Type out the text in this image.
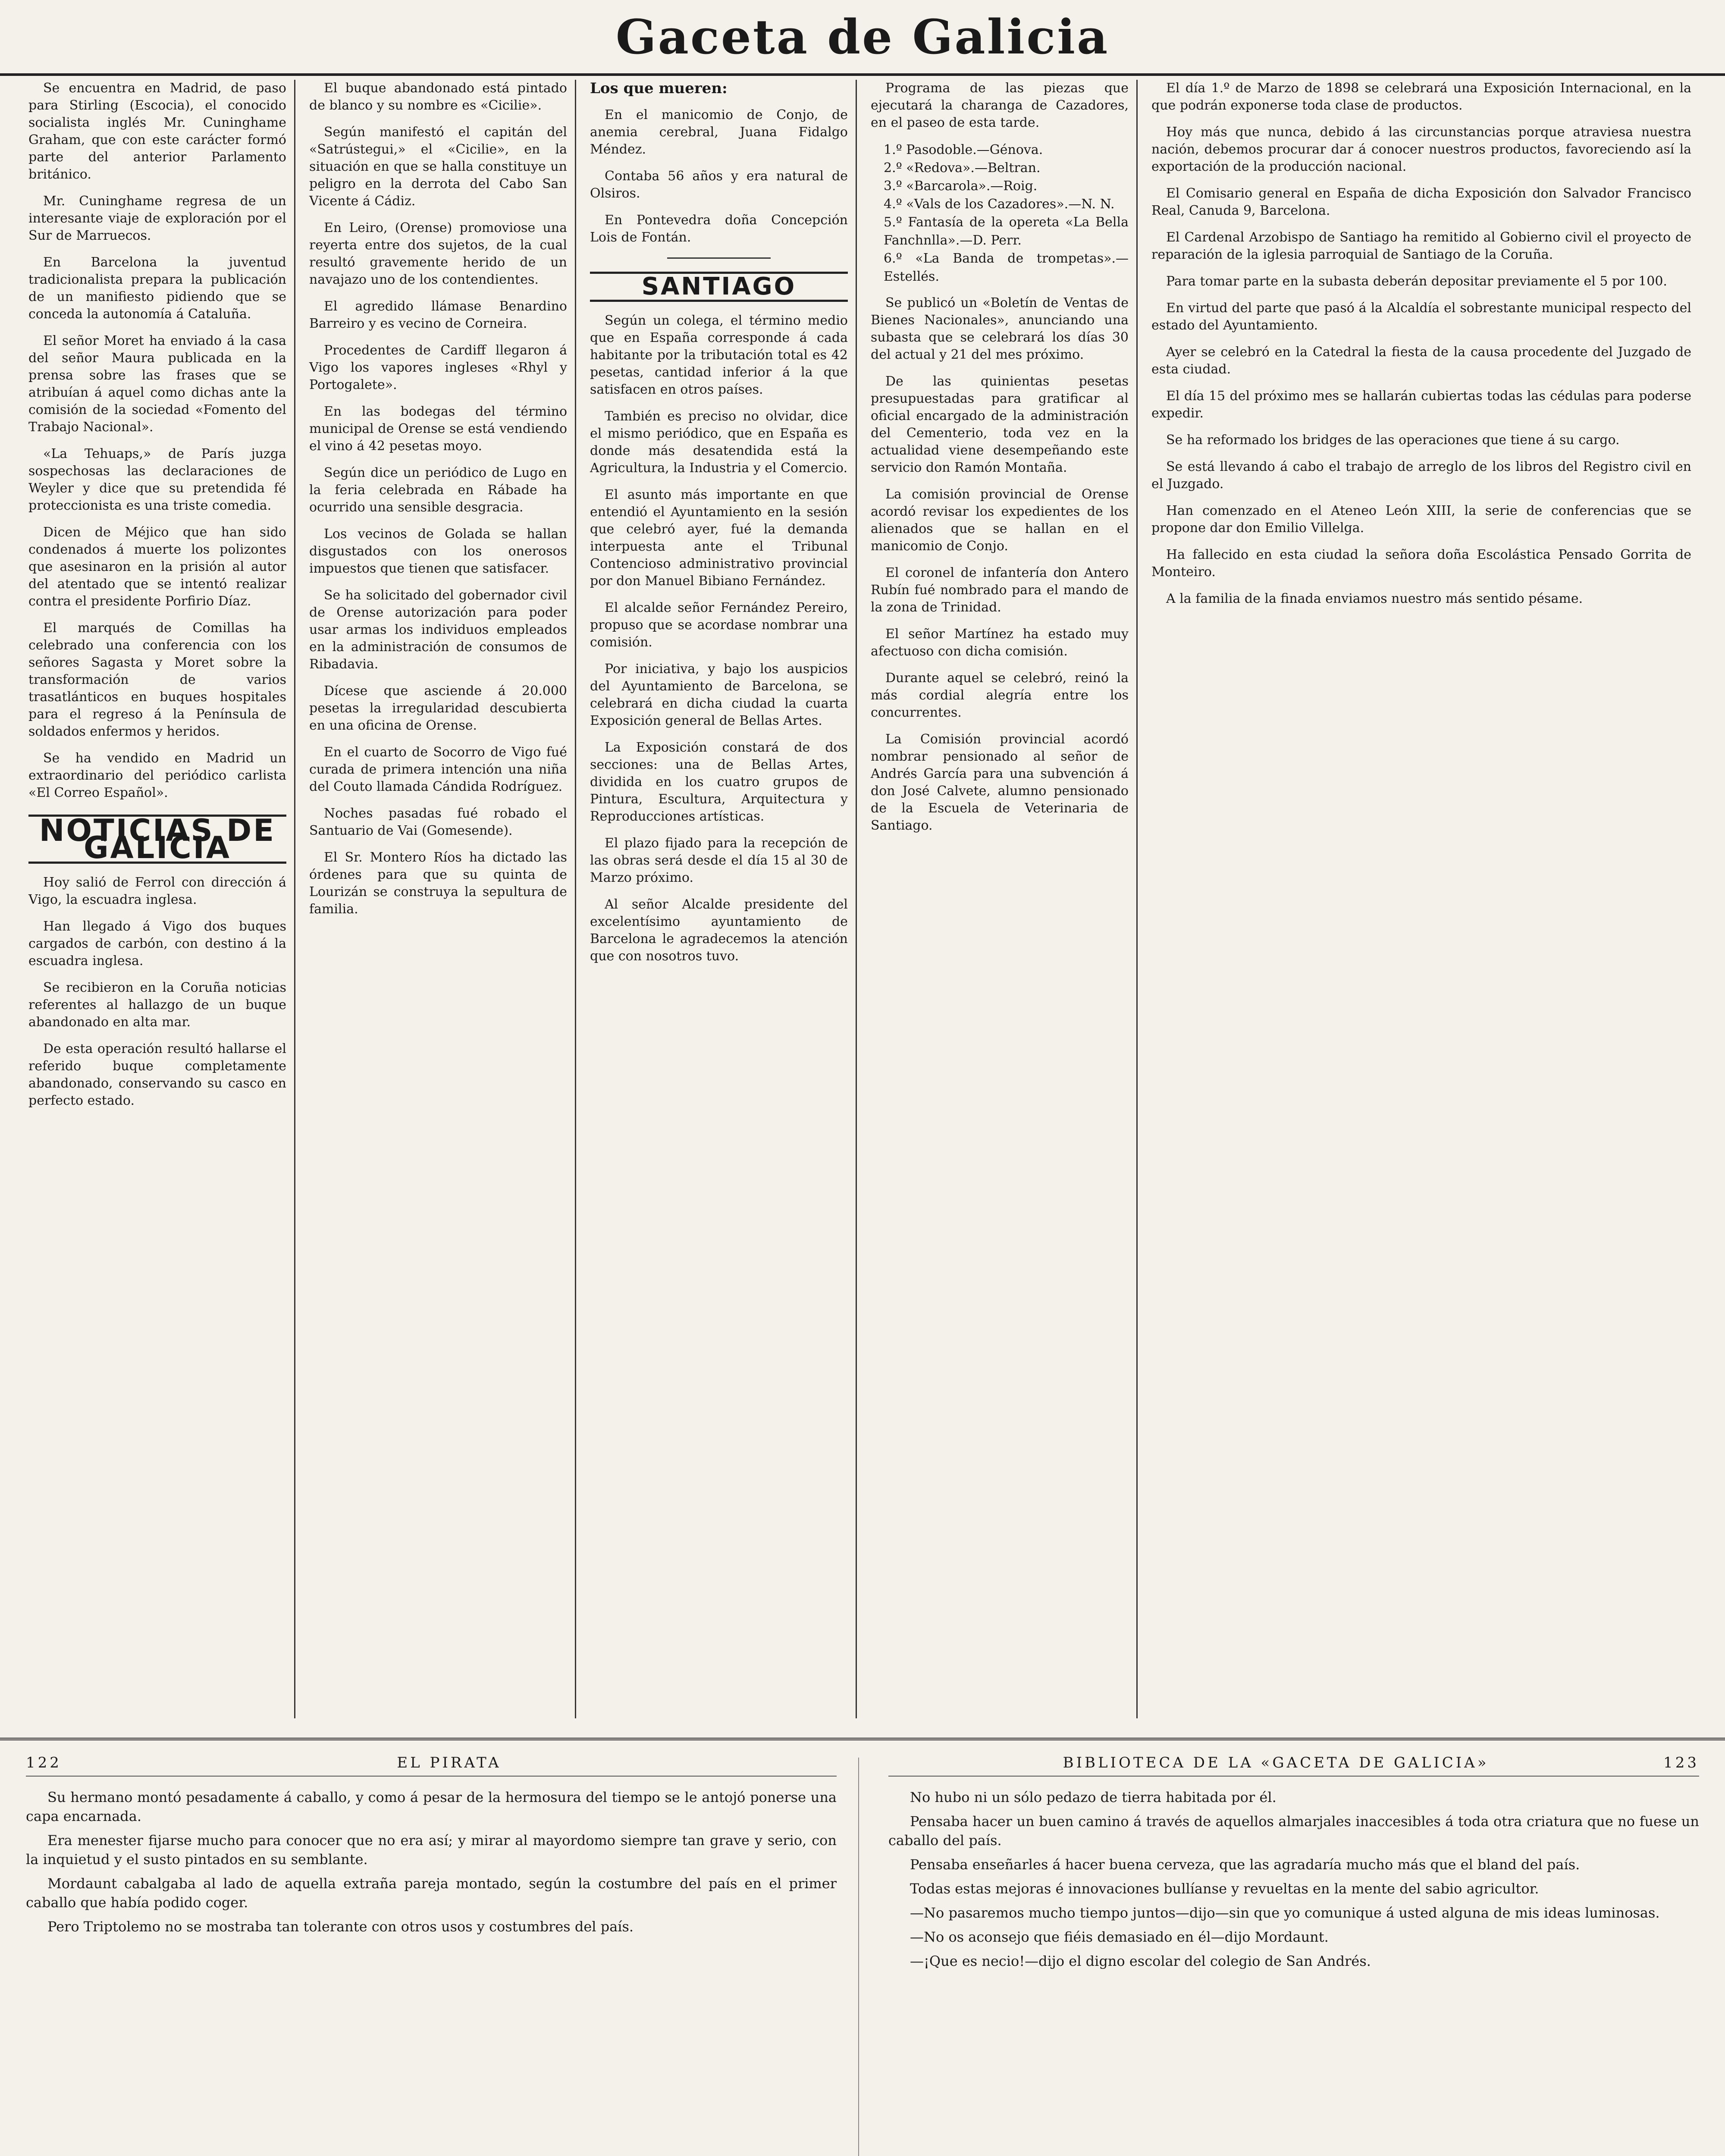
Gaceta de Galicia

Se encuentra en Madrid, de paso para Stirling (Escocia), el conocido socialista inglés Mr. Cuninghame Graham, que con este carácter formó parte del anterior Parlamento británico.

Mr. Cuninghame regresa de un interesante viaje de exploración por el Sur de Marruecos.

En Barcelona la juventud tradicionalista prepara la publicación de un manifiesto pidiendo que se conceda la autonomía á Cataluña.

El señor Moret ha enviado á la casa del señor Maura publicada en la prensa sobre las frases que se atribuían á aquel como dichas ante la comisión de la sociedad «Fomento del Trabajo Nacional».

«La Tehuaps,» de París juzga sospechosas las declaraciones de Weyler y dice que su pretendida fé proteccionista es una triste comedia.

Dicen de Méjico que han sido condenados á muerte los polizontes que asesinaron en la prisión al autor del atentado que se intentó realizar contra el presidente Porfirio Díaz.

El marqués de Comillas ha celebrado una conferencia con los señores Sagasta y Moret sobre la transformación de varios trasatlánticos en buques hospitales para el regreso á la Península de soldados enfermos y heridos.

Se ha vendido en Madrid un extraordinario del periódico carlista «El Correo Español».

NOTICIAS DE GALICIA

Hoy salió de Ferrol con dirección á Vigo, la escuadra inglesa.

Han llegado á Vigo dos buques cargados de carbón, con destino á la escuadra inglesa.

Se recibieron en la Coruña noticias referentes al hallazgo de un buque abandonado en alta mar.

De esta operación resultó hallarse el referido buque completamente abandonado, conservando su casco en perfecto estado.

El buque abandonado está pintado de blanco y su nombre es «Cicilie».

Según manifestó el capitán del «Satrústegui,» el «Cicilie», en la situación en que se halla constituye un peligro en la derrota del Cabo San Vicente á Cádiz.

En Leiro, (Orense) promoviose una reyerta entre dos sujetos, de la cual resultó gravemente herido de un navajazo uno de los contendientes.

El agredido llámase Benardino Barreiro y es vecino de Corneira.

Procedentes de Cardiff llegaron á Vigo los vapores ingleses «Rhyl y Portogalete».

En las bodegas del término municipal de Orense se está vendiendo el vino á 42 pesetas moyo.

Según dice un periódico de Lugo en la feria celebrada en Rábade ha ocurrido una sensible desgracia.

Los vecinos de Golada se hallan disgustados con los onerosos impuestos que tienen que satisfacer.

Se ha solicitado del gobernador civil de Orense autorización para poder usar armas los individuos empleados en la administración de consumos de Ribadavia.

Dícese que asciende á 20.000 pesetas la irregularidad descubierta en una oficina de Orense.

En el cuarto de Socorro de Vigo fué curada de primera intención una niña del Couto llamada Cándida Rodríguez.

Noches pasadas fué robado el Santuario de Vai (Gomesende).

El Sr. Montero Ríos ha dictado las órdenes para que su quinta de Lourizán se construya la sepultura de familia.

Los que mueren:

En el manicomio de Conjo, de anemia cerebral, Juana Fidalgo Méndez.

Contaba 56 años y era natural de Olsiros.

En Pontevedra doña Concepción Lois de Fontán.

SANTIAGO

Según un colega, el término medio que en España corresponde á cada habitante por la tributación total es 42 pesetas, cantidad inferior á la que satisfacen en otros países.

También es preciso no olvidar, dice el mismo periódico, que en España es donde más desatendida está la Agricultura, la Industria y el Comercio.

El asunto más importante en que entendió el Ayuntamiento en la sesión que celebró ayer, fué la demanda interpuesta ante el Tribunal Contencioso administrativo provincial por don Manuel Bibiano Fernández.

El alcalde señor Fernández Pereiro, propuso que se acordase nombrar una comisión.

Por iniciativa, y bajo los auspicios del Ayuntamiento de Barcelona, se celebrará en dicha ciudad la cuarta Exposición general de Bellas Artes.

La Exposición constará de dos secciones: una de Bellas Artes, dividida en los cuatro grupos de Pintura, Escultura, Arquitectura y Reproducciones artísticas.

El plazo fijado para la recepción de las obras será desde el día 15 al 30 de Marzo próximo.

Al señor Alcalde presidente del excelentísimo ayuntamiento de Barcelona le agradecemos la atención que con nosotros tuvo.

Programa de las piezas que ejecutará la charanga de Cazadores, en el paseo de esta tarde.

1.º Pasodoble.—Génova.
2.º «Redova».—Beltran.
3.º «Barcarola».—Roig.
4.º «Vals de los Cazadores».—N. N.
5.º Fantasía de la opereta «La Bella Fanchnlla».—D. Perr.
6.º «La Banda de trompetas».—Estellés.

Se publicó un «Boletín de Ventas de Bienes Nacionales», anunciando una subasta que se celebrará los días 30 del actual y 21 del mes próximo.

De las quinientas pesetas presupuestadas para gratificar al oficial encargado de la administración del Cementerio, toda vez en la actualidad viene desempeñando este servicio don Ramón Montaña.

La comisión provincial de Orense acordó revisar los expedientes de los alienados que se hallan en el manicomio de Conjo.

El coronel de infantería don Antero Rubín fué nombrado para el mando de la zona de Trinidad.

El señor Martínez ha estado muy afectuoso con dicha comisión.

Durante aquel se celebró, reinó la más cordial alegría entre los concurrentes.

La Comisión provincial acordó nombrar pensionado al señor de Andrés García para una subvención á don José Calvete, alumno pensionado de la Escuela de Veterinaria de Santiago.

El día 1.º de Marzo de 1898 se celebrará una Exposición Internacional, en la que podrán exponerse toda clase de productos.

Hoy más que nunca, debido á las circunstancias porque atraviesa nuestra nación, debemos procurar dar á conocer nuestros productos, favoreciendo así la exportación de la producción nacional.

El Comisario general en España de dicha Exposición don Salvador Francisco Real, Canuda 9, Barcelona.

El Cardenal Arzobispo de Santiago ha remitido al Gobierno civil el proyecto de reparación de la iglesia parroquial de Santiago de la Coruña.

Para tomar parte en la subasta deberán depositar previamente el 5 por 100.

En virtud del parte que pasó á la Alcaldía el sobrestante municipal respecto del estado del Ayuntamiento.

Ayer se celebró en la Catedral la fiesta de la causa procedente del Juzgado de esta ciudad.

El día 15 del próximo mes se hallarán cubiertas todas las cédulas para poderse expedir.

Se ha reformado los bridges de las operaciones que tiene á su cargo.

Se está llevando á cabo el trabajo de arreglo de los libros del Registro civil en el Juzgado.

Han comenzado en el Ateneo León XIII, la serie de conferencias que se propone dar don Emilio Villelga.

Ha fallecido en esta ciudad la señora doña Escolástica Pensado Gorrita de Monteiro.

A la familia de la finada enviamos nuestro más sentido pésame.

122	EL PIRATA

Su hermano montó pesadamente á caballo, y como á pesar de la hermosura del tiempo se le antojó ponerse una capa encarnada.

Era menester fijarse mucho para conocer que no era así; y mirar al mayordomo siempre tan grave y serio, con la inquietud y el susto pintados en su semblante.

Mordaunt cabalgaba al lado de aquella extraña pareja montado, según la costumbre del país en el primer caballo que había podido coger.

Pero Triptolemo no se mostraba tan tolerante con otros usos y costumbres del país.

BIBLIOTECA DE LA «GACETA DE GALICIA»	123

No hubo ni un sólo pedazo de tierra habitada por él.

Pensaba hacer un buen camino á través de aquellos almarjales inaccesibles á toda otra criatura que no fuese un caballo del país.

Pensaba enseñarles á hacer buena cerveza, que las agradaría mucho más que el bland del país.

Todas estas mejoras é innovaciones bullíanse y revueltas en la mente del sabio agricultor.

—No pasaremos mucho tiempo juntos—dijo—sin que yo comunique á usted alguna de mis ideas luminosas.

—No os aconsejo que fiéis demasiado en él—dijo Mordaunt.

—¡Que es necio!—dijo el digno escolar del colegio de San Andrés.
